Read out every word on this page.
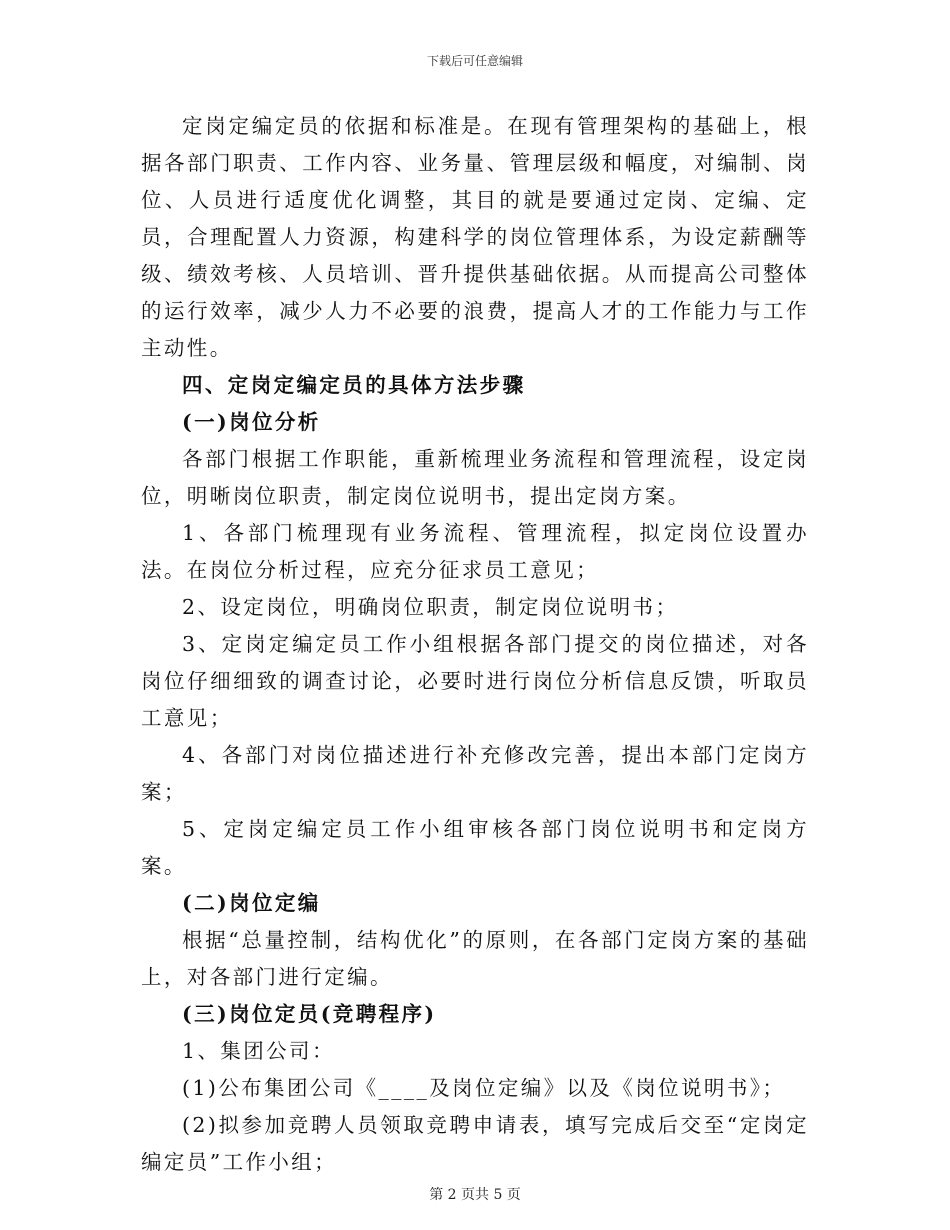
下载后可任意编辑

定岗定编定员的依据和标准是。在现有管理架构的基础上，根据各部门职责、工作内容、业务量、管理层级和幅度，对编制、岗位、人员进行适度优化调整，其目的就是要通过定岗、定编、定员，合理配置人力资源，构建科学的岗位管理体系，为设定薪酬等级、绩效考核、人员培训、晋升提供基础依据。从而提高公司整体的运行效率，减少人力不必要的浪费，提高人才的工作能力与工作主动性。

四、定岗定编定员的具体方法步骤

(一)岗位分析

各部门根据工作职能，重新梳理业务流程和管理流程，设定岗位，明晰岗位职责，制定岗位说明书，提出定岗方案。

1、各部门梳理现有业务流程、管理流程，拟定岗位设置办法。在岗位分析过程，应充分征求员工意见；

2、设定岗位，明确岗位职责，制定岗位说明书；

3、定岗定编定员工作小组根据各部门提交的岗位描述，对各岗位仔细细致的调查讨论，必要时进行岗位分析信息反馈，听取员工意见；

4、各部门对岗位描述进行补充修改完善，提出本部门定岗方案；

5、定岗定编定员工作小组审核各部门岗位说明书和定岗方案。

(二)岗位定编

根据“总量控制，结构优化”的原则，在各部门定岗方案的基础上，对各部门进行定编。

(三)岗位定员(竞聘程序)

1、集团公司：

(1)公布集团公司《____及岗位定编》以及《岗位说明书》；

(2)拟参加竞聘人员领取竞聘申请表，填写完成后交至“定岗定编定员”工作小组；

第 2 页共 5 页
